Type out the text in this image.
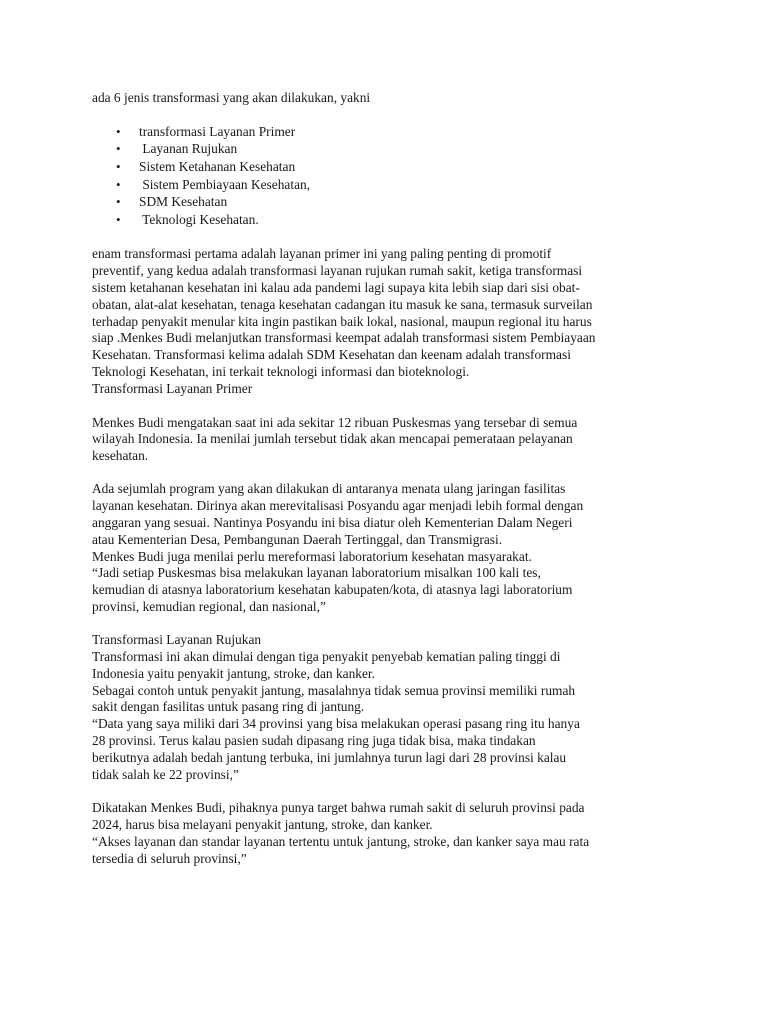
ada 6 jenis transformasi yang akan dilakukan, yakni

•

transformasi Layanan Primer

•

Layanan Rujukan

•

Sistem Ketahanan Kesehatan

•

Sistem Pembiayaan Kesehatan,

•

SDM Kesehatan

•

Teknologi Kesehatan.

enam transformasi pertama adalah layanan primer ini yang paling penting di promotif
preventif, yang kedua adalah transformasi layanan rujukan rumah sakit, ketiga transformasi
sistem ketahanan kesehatan ini kalau ada pandemi lagi supaya kita lebih siap dari sisi obat-
obatan, alat-alat kesehatan, tenaga kesehatan cadangan itu masuk ke sana, termasuk surveilan
terhadap penyakit menular kita ingin pastikan baik lokal, nasional, maupun regional itu harus
siap .Menkes Budi melanjutkan transformasi keempat adalah transformasi sistem Pembiayaan
Kesehatan. Transformasi kelima adalah SDM Kesehatan dan keenam adalah transformasi
Teknologi Kesehatan, ini terkait teknologi informasi dan bioteknologi.
Transformasi Layanan Primer
Menkes Budi mengatakan saat ini ada sekitar 12 ribuan Puskesmas yang tersebar di semua
wilayah Indonesia. Ia menilai jumlah tersebut tidak akan mencapai pemerataan pelayanan
kesehatan.
Ada sejumlah program yang akan dilakukan di antaranya menata ulang jaringan fasilitas
layanan kesehatan. Dirinya akan merevitalisasi Posyandu agar menjadi lebih formal dengan
anggaran yang sesuai. Nantinya Posyandu ini bisa diatur oleh Kementerian Dalam Negeri
atau Kementerian Desa, Pembangunan Daerah Tertinggal, dan Transmigrasi.
Menkes Budi juga menilai perlu mereformasi laboratorium kesehatan masyarakat.
“Jadi setiap Puskesmas bisa melakukan layanan laboratorium misalkan 100 kali tes,
kemudian di atasnya laboratorium kesehatan kabupaten/kota, di atasnya lagi laboratorium
provinsi, kemudian regional, dan nasional,”
Transformasi Layanan Rujukan
Transformasi ini akan dimulai dengan tiga penyakit penyebab kematian paling tinggi di
Indonesia yaitu penyakit jantung, stroke, dan kanker.
Sebagai contoh untuk penyakit jantung, masalahnya tidak semua provinsi memiliki rumah
sakit dengan fasilitas untuk pasang ring di jantung.
“Data yang saya miliki dari 34 provinsi yang bisa melakukan operasi pasang ring itu hanya
28 provinsi. Terus kalau pasien sudah dipasang ring juga tidak bisa, maka tindakan
berikutnya adalah bedah jantung terbuka, ini jumlahnya turun lagi dari 28 provinsi kalau
tidak salah ke 22 provinsi,”
Dikatakan Menkes Budi, pihaknya punya target bahwa rumah sakit di seluruh provinsi pada
2024, harus bisa melayani penyakit jantung, stroke, dan kanker.
“Akses layanan dan standar layanan tertentu untuk jantung, stroke, dan kanker saya mau rata
tersedia di seluruh provinsi,”
